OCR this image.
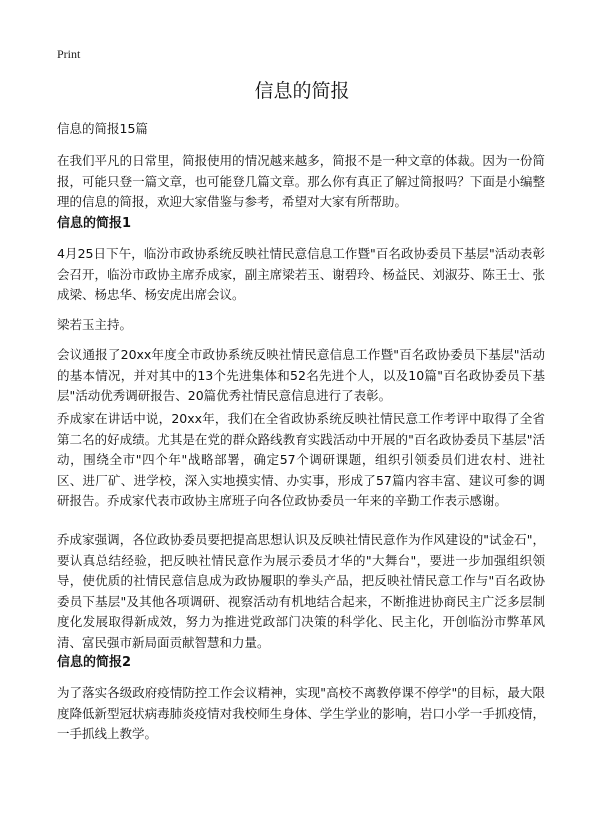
Print
信息的简报

信息的简报15篇

在我们平凡的日常里，简报使用的情况越来越多，简报不是一种文章的体裁。因为一份简报，可能只登一篇文章，也可能登几篇文章。那么你有真正了解过简报吗？下面是小编整理的信息的简报，欢迎大家借鉴与参考，希望对大家有所帮助。

信息的简报1

4月25日下午，临汾市政协系统反映社情民意信息工作暨"百名政协委员下基层"活动表彰会召开，临汾市政协主席乔成家，副主席梁若玉、谢碧玲、杨益民、刘淑芬、陈王士、张成梁、杨忠华、杨安虎出席会议。

梁若玉主持。

会议通报了20xx年度全市政协系统反映社情民意信息工作暨"百名政协委员下基层"活动的基本情况，并对其中的13个先进集体和52名先进个人，以及10篇"百名政协委员下基层"活动优秀调研报告、20篇优秀社情民意信息进行了表彰。

乔成家在讲话中说，20xx年，我们在全省政协系统反映社情民意工作考评中取得了全省第二名的好成绩。尤其是在党的群众路线教育实践活动中开展的"百名政协委员下基层"活动，围绕全市"四个年"战略部署，确定57个调研课题，组织引领委员们进农村、进社区、进厂矿、进学校，深入实地摸实情、办实事，形成了57篇内容丰富、建议可参的调研报告。乔成家代表市政协主席班子向各位政协委员一年来的辛勤工作表示感谢。

乔成家强调，各位政协委员要把提高思想认识及反映社情民意作为作风建设的"试金石"，要认真总结经验，把反映社情民意作为展示委员才华的"大舞台"，要进一步加强组织领导，使优质的社情民意信息成为政协履职的拳头产品，把反映社情民意工作与"百名政协委员下基层"及其他各项调研、视察活动有机地结合起来，不断推进协商民主广泛多层制度化发展取得新成效，努力为推进党政部门决策的科学化、民主化，开创临汾市弊革风清、富民强市新局面贡献智慧和力量。

信息的简报2

为了落实各级政府疫情防控工作会议精神，实现"高校不离教停课不停学"的目标，最大限度降低新型冠状病毒肺炎疫情对我校师生身体、学生学业的影响，岩口小学一手抓疫情，一手抓线上教学。
